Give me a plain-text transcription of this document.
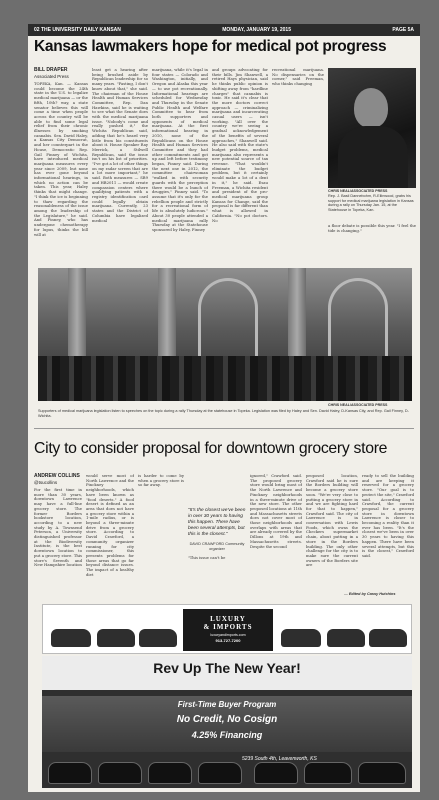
02 THE UNIVERSITY DAILY KANSAN	MONDAY, JANUARY 19, 2015	PAGE 5A
Kansas lawmakers hope for medical pot progress
BILL DRAPER
Associated Press
TOPEKA, Kan. — Kansas could become the 24th state in the U.S. to legalize medical marijuana — or the fifth, 10th? way, a state senator believes this will come a time when people across the country will be able to find some legal relief from their chronic illnesses by smoking cannabis. Sen. David Haley, a Kansas City Democrat, and her counterpart in the House, Democratic Rep. Gail Finney of Wichita, have introduced medical marijuana measures every year since 2009, but none has ever gone beyond informational hearings, in which no action can be taken. This year, Haley thinks that might change. "I think the ice is beginning to thaw regarding the reasonableness of the issue among the leadership of the Legislature," he said. And Finney, who has undergone chemotherapy for lupus, thinks the bill will at
least get a hearing after being brushed aside by Republican leadership for so many years. "Fasting, I don't know about that," she said. The chairman of the House Health and Human Services Committee, Rep. Dan Hawkins, said he is waiting to see what the Senate does with the medical marijuana issue. "Nobody's come and really pushed it," the Wichita Republican said, adding that he's heard very little from his constituents about it. House Speaker Ray Merrick, a Stilwell Republican, said the issue isn't on his list of priorities. "I've got a lot of other things on my radar screen that are a lot more important," he said. Both measures — SB9 and HB2011 — would create compassion centers where qualifying patients with a registry identification card could legally obtain marijuana. Currently, 23 states and the District of Columbia have legalized medical
marijuana, while it's legal in four states — Colorado and Washington, initially, and Oregon and Alaska this year — to use pot recreationally. Informational hearings are scheduled for Wednesday and Thursday in the Senate Public Health and Welfare Committee to hear from both supporters and opponents of medical marijuana. At the first informational hearing in 2010, none of the Republicans on the House Health and Human Services Committee and they had other commitments and got up and left before testimony began, Finney said. During the next one in 2012, the committee chairwoman "walked in with security guards with the perception there would be a bunch of druggies," Finney said. "To assume that it's only for the rebellion people and strictly for a recreational form of life is absolutely ludicrous." About 30 people attended a medical marijuana rally Thursday at the Statehouse sponsored by Haley, Finney
and groups advocating for their bills. Jim Shanwell, a retired Hays physician, said he thinks public opinion is shifting away from "hardline charges" that cannabis is toxic. He said it's clear that the more doctors correct approach — criminalizing marijuana and incarcerating casual users — isn't working. "All over the country we're seeing a gradual acknowledgement of the benefits of several approaches," Shanwell said. He also said with the state's budget problems, medical marijuana also represents a new potential source of tax revenue. "That wouldn't eliminate the budget problem, but it certainly would make a lot of a dent in it," he said. Esau Freeman, a Wichita resident and president of the pro-medical marijuana group Kansas for Change, said the proposal is far different than what is allowed in California. "No pot doctors. No
recreational marijuana. No dispensaries on the corner," said Freeman, who thinks changing
CHRIS NEAL/ASSOCIATED PRESS
Rep. J. Basil Dannebohm, R-Ellinwood, grabs his support for medical marijuana legislation in Kansas during a rally on Thursday Jan. 15, at the Statehouse in Topeka, Kan.
a floor debate is possible this year. "I feel the tide is changing."
CHRIS NEAL/ASSOCIATED PRESS
Supporters of medical marijuana legislation listen to speeches on the topic during a rally Thursday at the statehouse in Topeka. Legislation was filed by Haley and Sen. David Haley, D-Kansas City, and Rep. Gail Finney, D-Wichita.
City to consider proposal for downtown grocery store
ANDREW COLLINS
@tsucollins
For the first time in more than 30 years, downtown Lawrence may have a full-line grocery store. The former Borders bookstore location, according to a new study by A. Townsend Peterson, a University distinguished professor at the Biodiversity Institute, is the best downtown location to put a grocery store. This store's Seventh and New Hampshire location
would serve most of North Lawrence and the Pinckney neighborhoods, which have been known as "food deserts." A food desert is defined as an area that does not have a grocery store within a 1-mile radius, or is beyond a three-minute drive from a grocery store. According to David Crawford, a community organizer running for city commissioner, this presents problems for those areas that go far beyond distance issues. The impact of a healthy diet
is harder to come by when a grocery store is so far away.
"It's the closest we've been in over 30 years to having this happen. There have been several attempts, but this is the closest."
DAVID CRAWFORD Community organizer
"This issue can't be
ignored," Crawford said. The proposed grocery store would bring most of the North Lawrence and Pinckney neighborhoods in a three-minute drive of the new store. The other proposed locations at 11th and Massachusetts streets does not cover most of those neighborhoods and overlaps with areas that are already covered by the Dillons at 19th and Massachusetts streets. Despite the second
proposed location, Crawford said he is sure the Borders building will become a grocery store soon. "We're very close to putting a grocery store in and we are fighting hard for that to happen," Crawford said. The city of Lawrence is in conversation with Lewis Foods, which owns the Checkers supermarket chain, about putting in a store in the Borders building. The only other challenge for the city is to make sure the current owners of the Borders site are
ready to sell the building and are keeping it reserved for a grocery store. "Our goal is to protect the site," Crawford said. According to Crawford, the current proposal for a grocery store in downtown Lawrence is closer to becoming a reality than it ever has been. "It's the closest we've been in over 30 years to having this happen. There have been several attempts, but this is the closest," Crawford said.
— Edited by Cassy Hutchins
LUXURY
& IMPORTS
luxuryandimports.com
913-727-7200
Rev Up The New Year!
First-Time Buyer Program
No Credit, No Cosign
4.25% Financing
5239 South 4th, Leavenworth, KS
